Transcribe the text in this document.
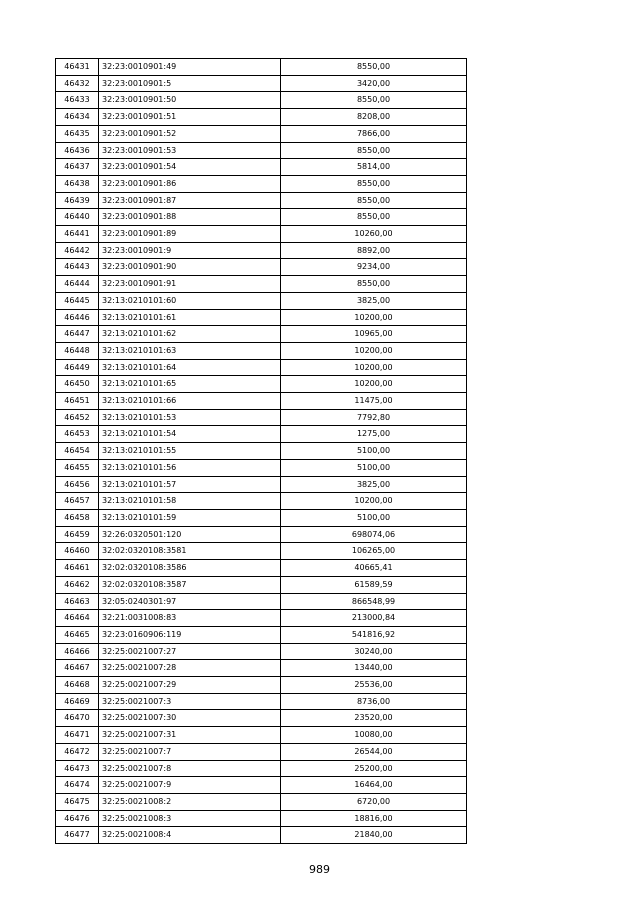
46431	32:23:0010901:49	8550,00
46432	32:23:0010901:5	3420,00
46433	32:23:0010901:50	8550,00
46434	32:23:0010901:51	8208,00
46435	32:23:0010901:52	7866,00
46436	32:23:0010901:53	8550,00
46437	32:23:0010901:54	5814,00
46438	32:23:0010901:86	8550,00
46439	32:23:0010901:87	8550,00
46440	32:23:0010901:88	8550,00
46441	32:23:0010901:89	10260,00
46442	32:23:0010901:9	8892,00
46443	32:23:0010901:90	9234,00
46444	32:23:0010901:91	8550,00
46445	32:13:0210101:60	3825,00
46446	32:13:0210101:61	10200,00
46447	32:13:0210101:62	10965,00
46448	32:13:0210101:63	10200,00
46449	32:13:0210101:64	10200,00
46450	32:13:0210101:65	10200,00
46451	32:13:0210101:66	11475,00
46452	32:13:0210101:53	7792,80
46453	32:13:0210101:54	1275,00
46454	32:13:0210101:55	5100,00
46455	32:13:0210101:56	5100,00
46456	32:13:0210101:57	3825,00
46457	32:13:0210101:58	10200,00
46458	32:13:0210101:59	5100,00
46459	32:26:0320501:120	698074,06
46460	32:02:0320108:3581	106265,00
46461	32:02:0320108:3586	40665,41
46462	32:02:0320108:3587	61589,59
46463	32:05:0240301:97	866548,99
46464	32:21:0031008:83	213000,84
46465	32:23:0160906:119	541816,92
46466	32:25:0021007:27	30240,00
46467	32:25:0021007:28	13440,00
46468	32:25:0021007:29	25536,00
46469	32:25:0021007:3	8736,00
46470	32:25:0021007:30	23520,00
46471	32:25:0021007:31	10080,00
46472	32:25:0021007:7	26544,00
46473	32:25:0021007:8	25200,00
46474	32:25:0021007:9	16464,00
46475	32:25:0021008:2	6720,00
46476	32:25:0021008:3	18816,00
46477	32:25:0021008:4	21840,00
989
